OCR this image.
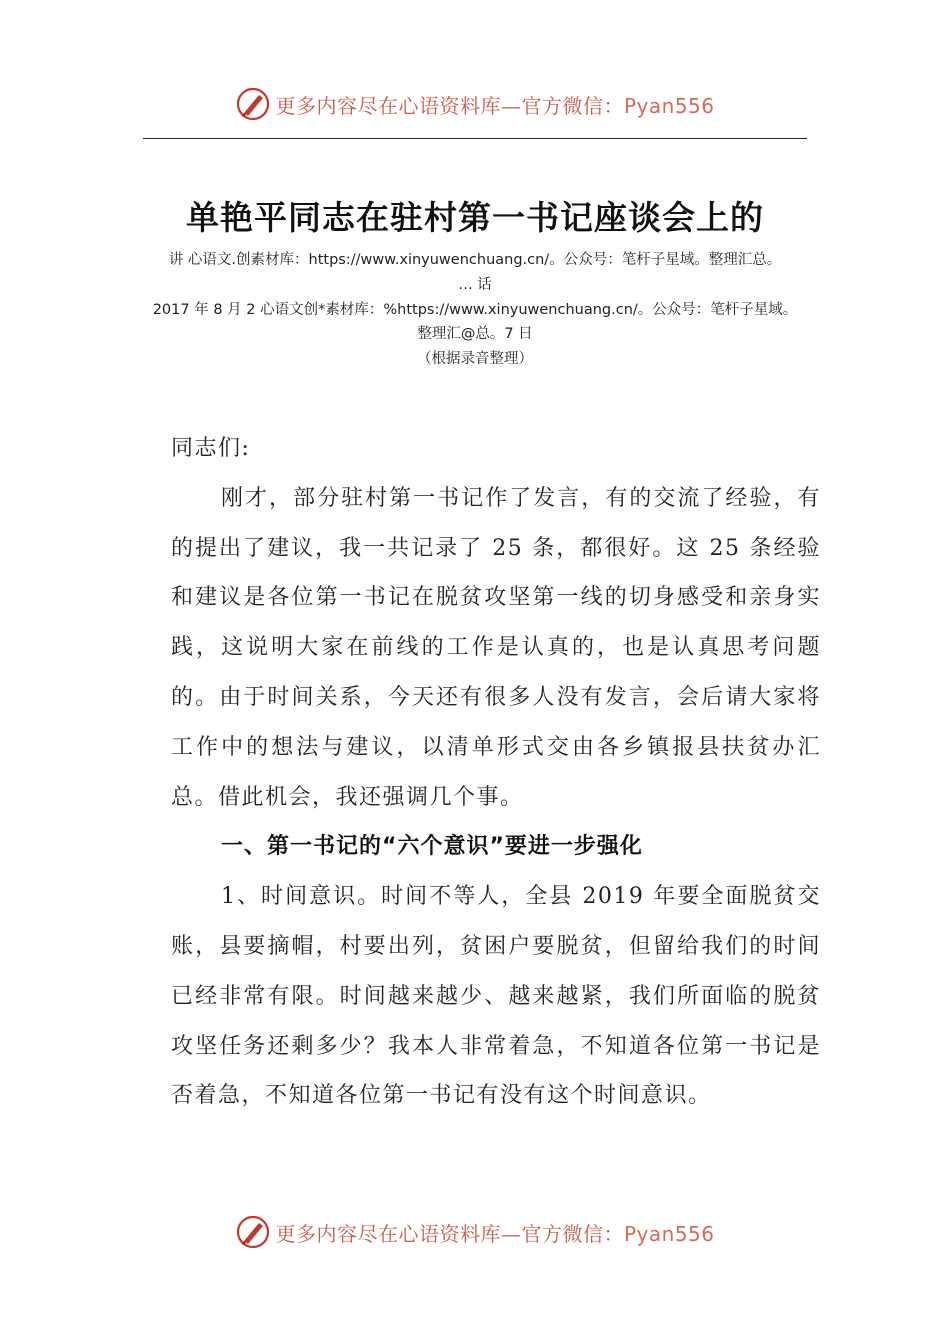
更多内容尽在心语资料库—官方微信：Pyan556
单艳平同志在驻村第一书记座谈会上的
讲 心语文.创素材库：https://www.xinyuwenchuang.cn/。公众号：笔杆子星域。整理汇总。
… 话
2017 年 8 月 2 心语文创*素材库：%https://www.xinyuwenchuang.cn/。公众号：笔杆子星域。
整理汇@总。7 日
（根据录音整理）

同志们:

刚才，部分驻村第一书记作了发言，有的交流了经验，有的提出了建议，我一共记录了 25 条，都很好。这 25 条经验和建议是各位第一书记在脱贫攻坚第一线的切身感受和亲身实践，这说明大家在前线的工作是认真的，也是认真思考问题的。由于时间关系，今天还有很多人没有发言，会后请大家将工作中的想法与建议，以清单形式交由各乡镇报县扶贫办汇总。借此机会，我还强调几个事。

一、第一书记的“六个意识”要进一步强化

1、时间意识。时间不等人，全县 2019 年要全面脱贫交账，县要摘帽，村要出列，贫困户要脱贫，但留给我们的时间已经非常有限。时间越来越少、越来越紧，我们所面临的脱贫攻坚任务还剩多少？我本人非常着急，不知道各位第一书记是否着急，不知道各位第一书记有没有这个时间意识。

更多内容尽在心语资料库—官方微信：Pyan556
